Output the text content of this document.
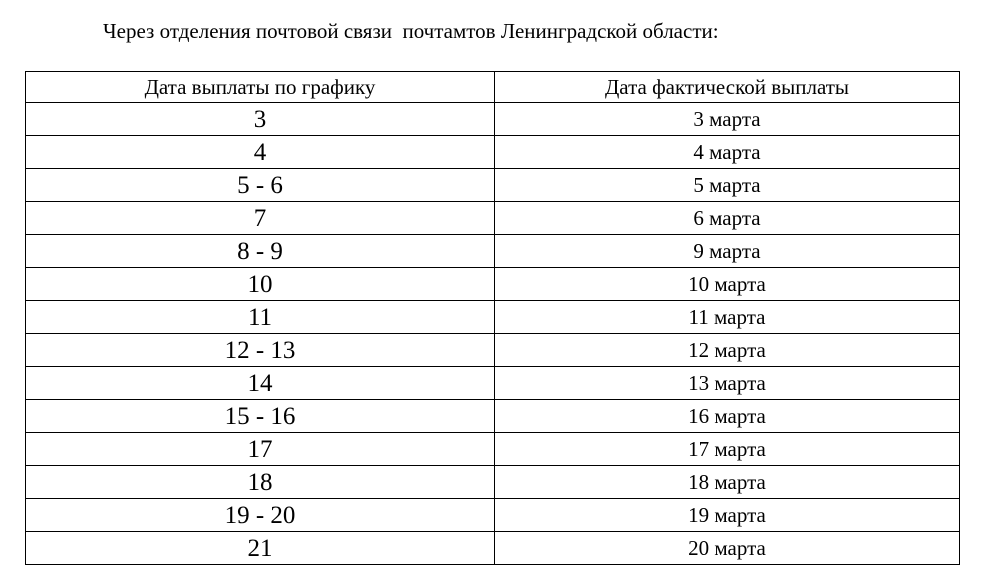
Через отделения почтовой связи  почтамтов Ленинградской области:
Дата выплаты по графику	Дата фактической выплаты
3	3 марта
4	4 марта
5 - 6	5 марта
7	6 марта
8 - 9	9 марта
10	10 марта
11	11 марта
12 - 13	12 марта
14	13 марта
15 - 16	16 марта
17	17 марта
18	18 марта
19 - 20	19 марта
21	20 марта
